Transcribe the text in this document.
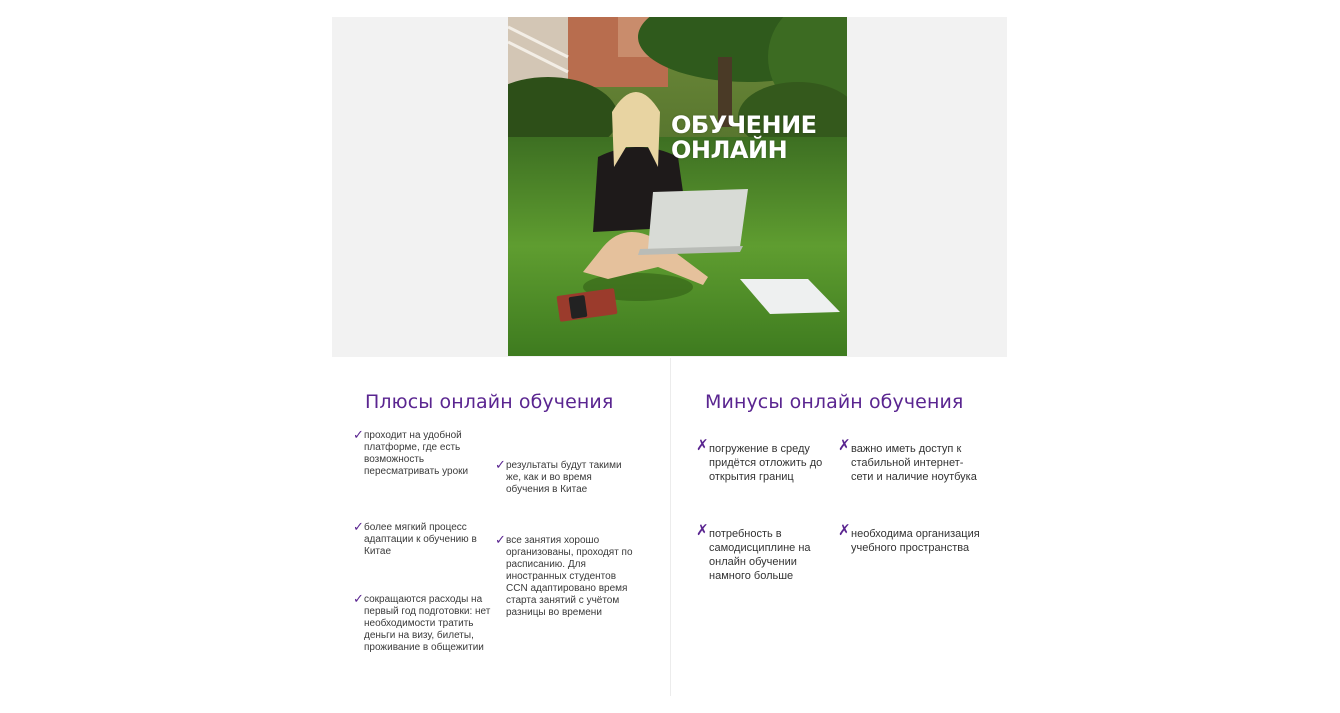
ОБУЧЕНИЕ
ОНЛАЙН
Плюсы онлайн обучения

✓ проходит на удобной платформе, где есть возможность пересматривать уроки	✓ результаты будут такими же, как и во время обучения в Китае

✓ более мягкий процесс адаптации к обучению в Китае

✓ все занятия хорошо организованы, проходят по расписанию. Для иностранных студентов CCN адаптировано время старта занятий с учётом разницы во времени

✓ сокращаются расходы на первый год подготовки: нет необходимости тратить деньги на визу, билеты, проживание в общежитии

Минусы онлайн обучения

✗ погружение в среду придётся отложить до открытия границ

✗ важно иметь доступ к стабильной интернет-сети и наличие ноутбука

✗ потребность в самодисциплине на онлайн обучении намного больше

✗ необходима организация учебного пространства
